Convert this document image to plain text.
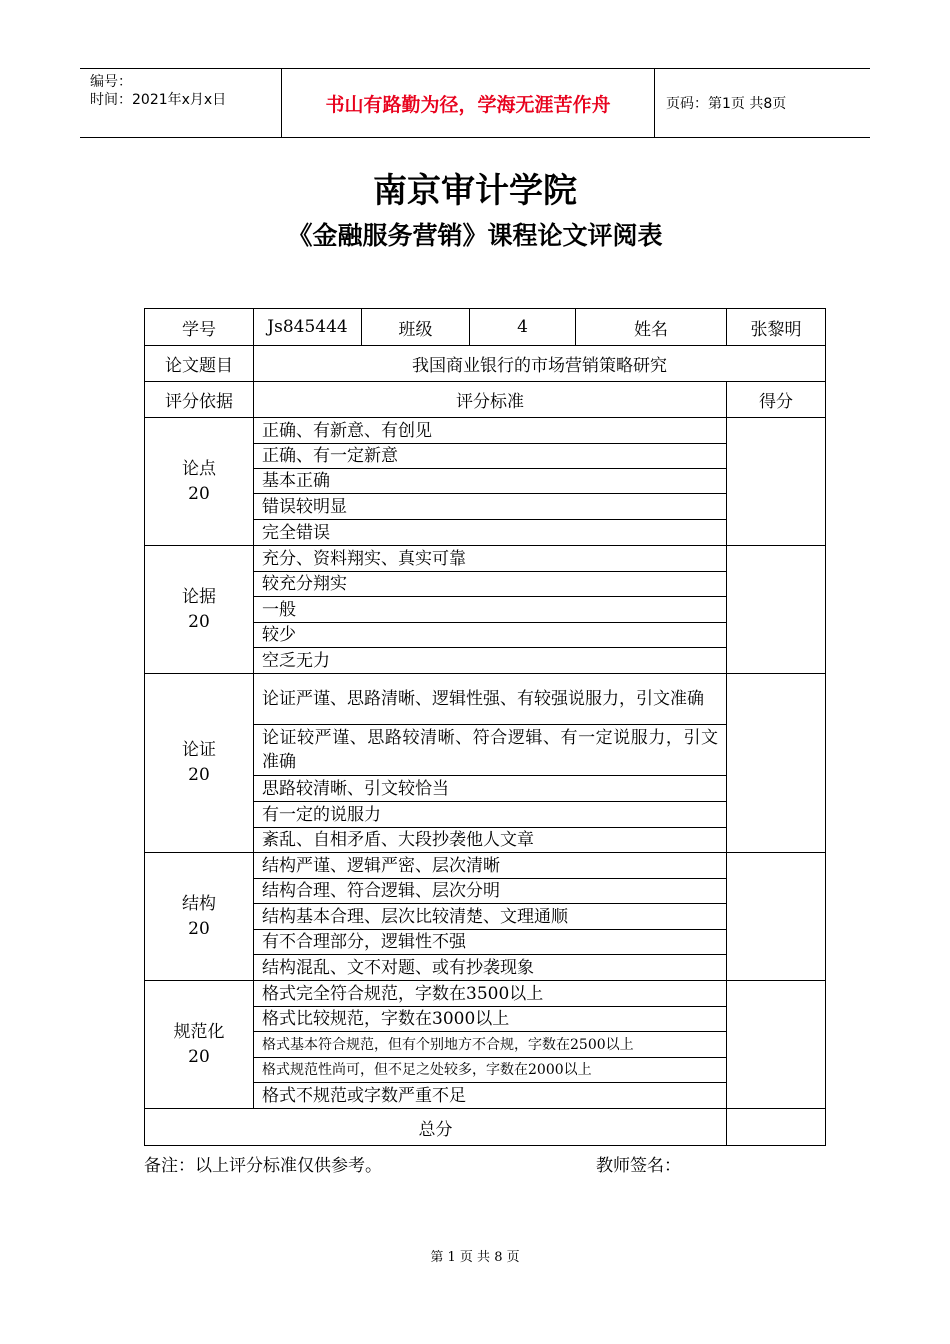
编号：
时间：2021年x月x日	书山有路勤为径，学海无涯苦作舟	页码：第1页 共8页
南京审计学院
《金融服务营销》课程论文评阅表
学号	Js845444	班级	4	姓名	张黎明
论文题目	我国商业银行的市场营销策略研究				
评分依据	评分标准				得分

论点
20	正确、有新意、有创见				
	正确、有一定新意				
	基本正确				
	错误较明显				
	完全错误				

论据
20	充分、资料翔实、真实可靠				
	较充分翔实				
	一般				
	较少				
	空乏无力				

论证
20	论证严谨、思路清晰、逻辑性强、有较强说服力，引文准确				
	论证较严谨、思路较清晰、符合逻辑、有一定说服力，引文准确				
	思路较清晰、引文较恰当				
	有一定的说服力				
	紊乱、自相矛盾、大段抄袭他人文章				

结构
20	结构严谨、逻辑严密、层次清晰				
	结构合理、符合逻辑、层次分明				
	结构基本合理、层次比较清楚、文理通顺				
	有不合理部分，逻辑性不强				
	结构混乱、文不对题、或有抄袭现象				

规范化
20	格式完全符合规范，字数在3500以上				
	格式比较规范，字数在3000以上				
	格式基本符合规范，但有个别地方不合规，字数在2500以上				
	格式规范性尚可，但不足之处较多，字数在2000以上				
	格式不规范或字数严重不足				
总分					
备注：以上评分标准仅供参考。	教师签名：
第 1 页 共 8 页
